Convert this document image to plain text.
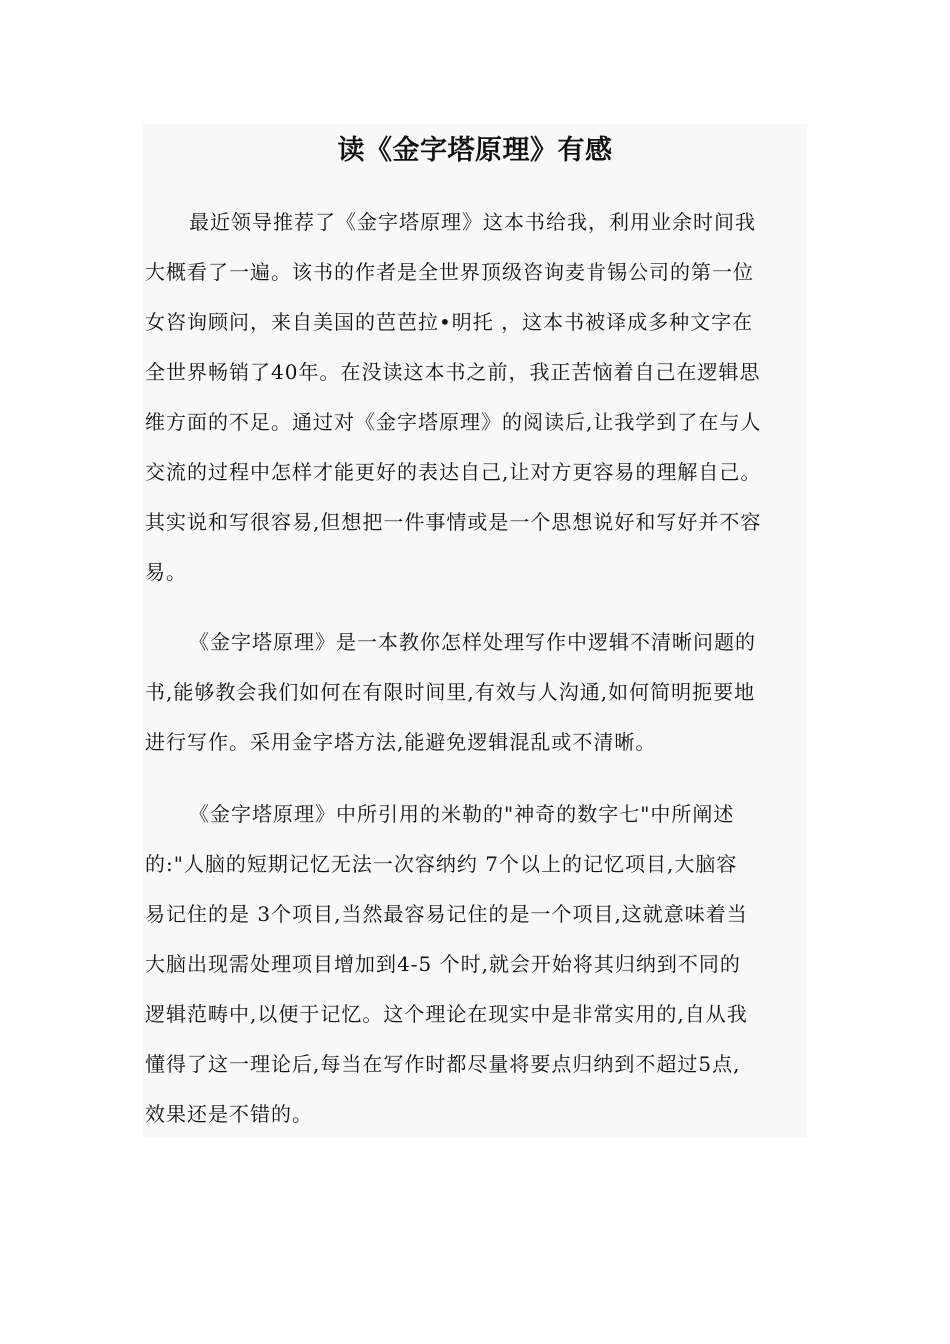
读《金字塔原理》有感
最近领导推荐了《金字塔原理》这本书给我，利用业余时间我
大概看了一遍。该书的作者是全世界顶级咨询麦肯锡公司的第一位
女咨询顾问，来自美国的芭芭拉•明托 ，这本书被译成多种文字在
全世界畅销了40年。在没读这本书之前，我正苦恼着自己在逻辑思
维方面的不足。通过对《金字塔原理》的阅读后,让我学到了在与人
交流的过程中怎样才能更好的表达自己,让对方更容易的理解自己。
其实说和写很容易,但想把一件事情或是一个思想说好和写好并不容
易。
《金字塔原理》是一本教你怎样处理写作中逻辑不清晰问题的
书,能够教会我们如何在有限时间里,有效与人沟通,如何简明扼要地
进行写作。采用金字塔方法,能避免逻辑混乱或不清晰。
《金字塔原理》中所引用的米勒的"神奇的数字七"中所阐述
的:"人脑的短期记忆无法一次容纳约 7个以上的记忆项目,大脑容
易记住的是 3个项目,当然最容易记住的是一个项目,这就意味着当
大脑出现需处理项目增加到4-5 个时,就会开始将其归纳到不同的
逻辑范畴中,以便于记忆。这个理论在现实中是非常实用的,自从我
懂得了这一理论后,每当在写作时都尽量将要点归纳到不超过5点,
效果还是不错的。
